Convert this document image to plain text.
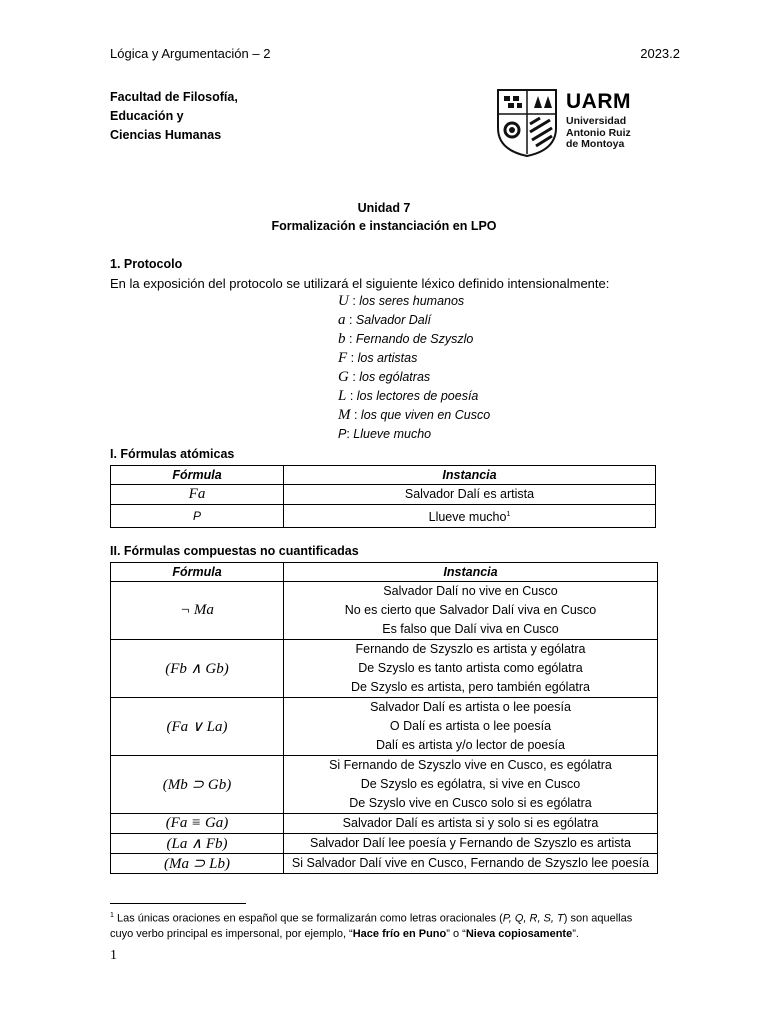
Lógica y Argumentación – 2	2023.2
Facultad de Filosofía,
Educación y
Ciencias Humanas
UARM
Universidad
Antonio Ruiz
de Montoya
Unidad 7
Formalización e instanciación en LPO
1. Protocolo
En la exposición del protocolo se utilizará el siguiente léxico definido intensionalmente:
U : los seres humanos
a : Salvador Dalí
b : Fernando de Szyszlo
F : los artistas
G : los ególatras
L : los lectores de poesía
M : los que viven en Cusco
P: Llueve mucho
I. Fórmulas atómicas
Fórmula	Instancia
Fa	Salvador Dalí es artista

P	Llueve mucho$^1$
II. Fórmulas compuestas no cuantificadas
Fórmula	Instancia
¬ Ma	Salvador Dalí no vive en Cusco
No es cierto que Salvador Dalí viva en Cusco
Es falso que Dalí viva en Cusco

(Fb ∧ Gb)	Fernando de Szyszlo es artista y ególatra
De Szyslo es tanto artista como ególatra
De Szyslo es artista, pero también ególatra

(Fa ∨ La)	Salvador Dalí es artista o lee poesía
O Dalí es artista o lee poesía
Dalí es artista y/o lector de poesía

(Mb ⊃ Gb)	Si Fernando de Szyszlo vive en Cusco, es ególatra
De Szyslo es ególatra, si vive en Cusco
De Szyslo vive en Cusco solo si es ególatra

(Fa ≡ Ga)	Salvador Dalí es artista si y solo si es ególatra

(La ∧ Fb)	Salvador Dalí lee poesía y Fernando de Szyszlo es artista

(Ma ⊃ Lb)	Si Salvador Dalí vive en Cusco, Fernando de Szyszlo lee poesía
$^1$ Las únicas oraciones en español que se formalizarán como letras oracionales (P, Q, R, S, T) son aquellas cuyo verbo principal es impersonal, por ejemplo, “Hace frío en Puno” o “Nieva copiosamente”.
1
